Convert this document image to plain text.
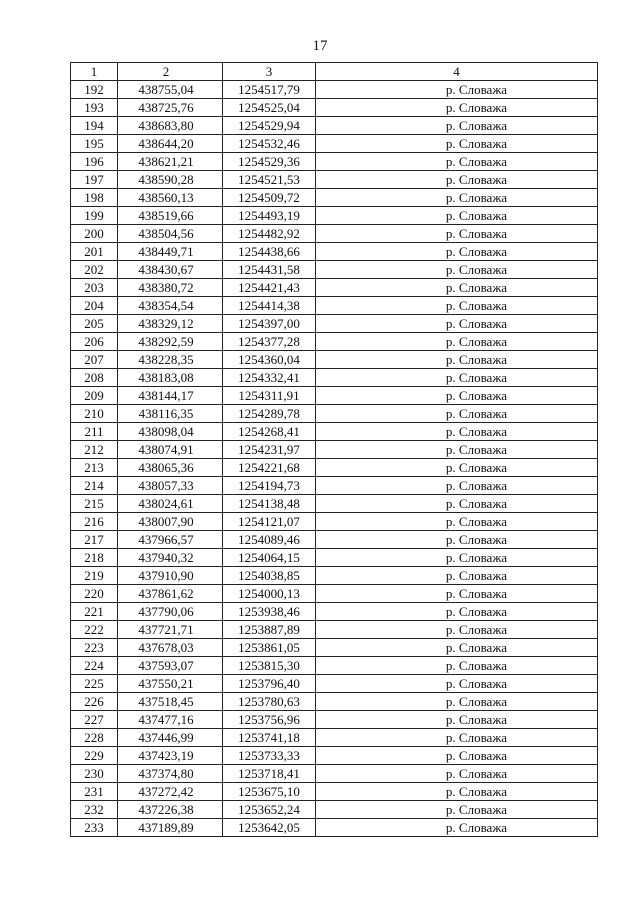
17
1	2	3	4
192	438755,04	1254517,79	р. Словажа
193	438725,76	1254525,04	р. Словажа
194	438683,80	1254529,94	р. Словажа
195	438644,20	1254532,46	р. Словажа
196	438621,21	1254529,36	р. Словажа
197	438590,28	1254521,53	р. Словажа
198	438560,13	1254509,72	р. Словажа
199	438519,66	1254493,19	р. Словажа
200	438504,56	1254482,92	р. Словажа
201	438449,71	1254438,66	р. Словажа
202	438430,67	1254431,58	р. Словажа
203	438380,72	1254421,43	р. Словажа
204	438354,54	1254414,38	р. Словажа
205	438329,12	1254397,00	р. Словажа
206	438292,59	1254377,28	р. Словажа
207	438228,35	1254360,04	р. Словажа
208	438183,08	1254332,41	р. Словажа
209	438144,17	1254311,91	р. Словажа
210	438116,35	1254289,78	р. Словажа
211	438098,04	1254268,41	р. Словажа
212	438074,91	1254231,97	р. Словажа
213	438065,36	1254221,68	р. Словажа
214	438057,33	1254194,73	р. Словажа
215	438024,61	1254138,48	р. Словажа
216	438007,90	1254121,07	р. Словажа
217	437966,57	1254089,46	р. Словажа
218	437940,32	1254064,15	р. Словажа
219	437910,90	1254038,85	р. Словажа
220	437861,62	1254000,13	р. Словажа
221	437790,06	1253938,46	р. Словажа
222	437721,71	1253887,89	р. Словажа
223	437678,03	1253861,05	р. Словажа
224	437593,07	1253815,30	р. Словажа
225	437550,21	1253796,40	р. Словажа
226	437518,45	1253780,63	р. Словажа
227	437477,16	1253756,96	р. Словажа
228	437446,99	1253741,18	р. Словажа
229	437423,19	1253733,33	р. Словажа
230	437374,80	1253718,41	р. Словажа
231	437272,42	1253675,10	р. Словажа
232	437226,38	1253652,24	р. Словажа
233	437189,89	1253642,05	р. Словажа
